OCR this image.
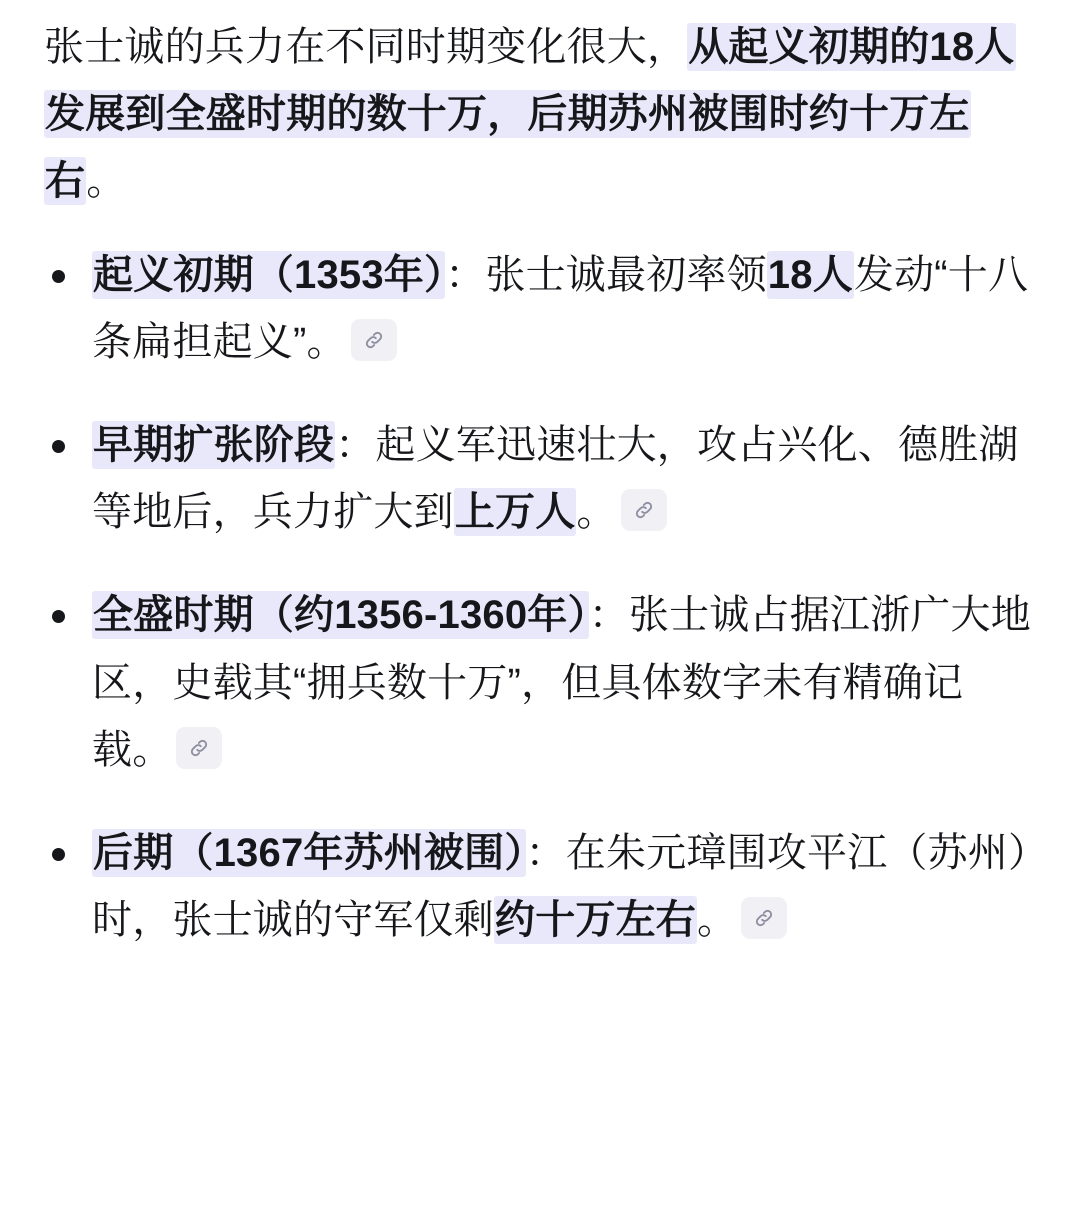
张士诚的兵力在不同时期变化很大，从起义初期的18人发展到全盛时期的数十万，后期苏州被围时约十万左右。

起义初期（1353年）：张士诚最初率领18人发动“十八条扁担起义”。
早期扩张阶段：起义军迅速壮大，攻占兴化、德胜湖等地后，兵力扩大到上万人。
全盛时期（约1356-1360年）：张士诚占据江浙广大地区，史载其“拥兵数十万”，但具体数字未有精确记载。
后期（1367年苏州被围）：在朱元璋围攻平江（苏州）时，张士诚的守军仅剩约十万左右。
